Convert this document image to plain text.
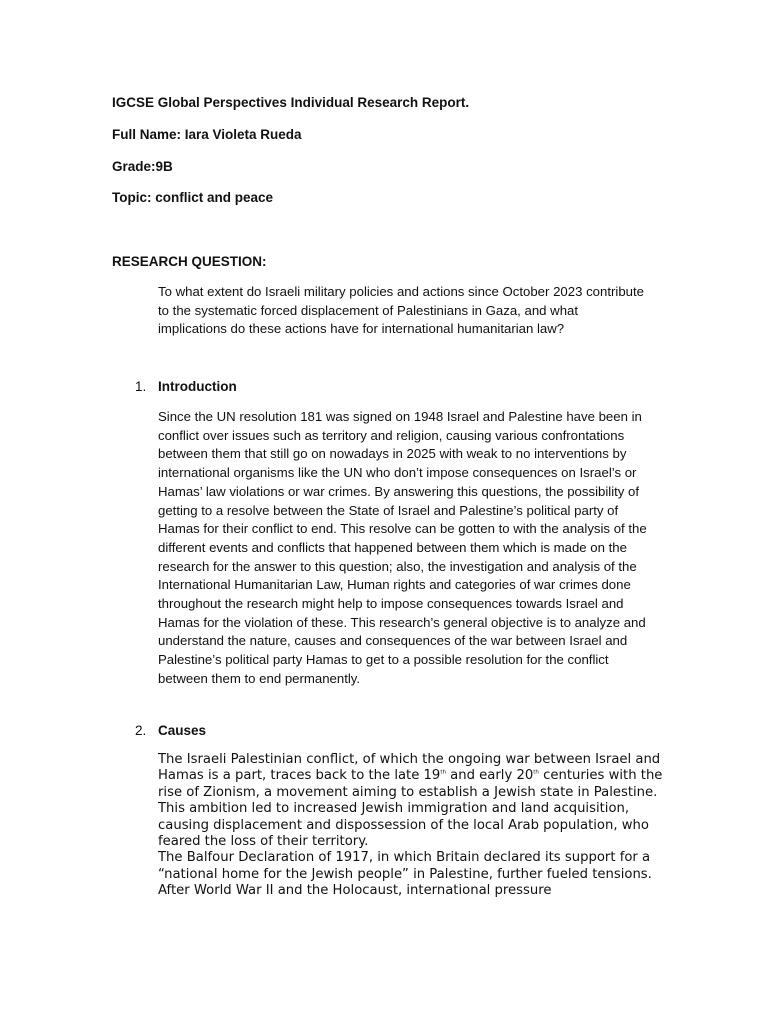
IGCSE Global Perspectives Individual Research Report.

Full Name: Iara Violeta Rueda

Grade:9B

Topic: conflict and peace

RESEARCH QUESTION:

To what extent do Israeli military policies and actions since October 2023 contribute to the systematic forced displacement of Palestinians in Gaza, and what implications do these actions have for international humanitarian law?

1. Introduction

Since the UN resolution 181 was signed on 1948 Israel and Palestine have been in conflict over issues such as territory and religion, causing various confrontations between them that still go on nowadays in 2025 with weak to no interventions by international organisms like the UN who don’t impose consequences on Israel’s or Hamas’ law violations or war crimes. By answering this questions, the possibility of getting to a resolve between the State of Israel and Palestine’s political party of Hamas for their conflict to end. This resolve can be gotten to with the analysis of the different events and conflicts that happened between them which is made on the research for the answer to this question; also, the investigation and analysis of the International Humanitarian Law, Human rights and categories of war crimes done throughout the research might help to impose consequences towards Israel and Hamas for the violation of these. This research’s general objective is to analyze and understand the nature, causes and consequences of the war between Israel and Palestine’s political party Hamas to get to a possible resolution for the conflict between them to end permanently.

2. Causes

The Israeli Palestinian conflict, of which the ongoing war between Israel and Hamas is a part, traces back to the late 19th and early 20th centuries with the rise of Zionism, a movement aiming to establish a Jewish state in Palestine. This ambition led to increased Jewish immigration and land acquisition, causing displacement and dispossession of the local Arab population, who feared the loss of their territory.
The Balfour Declaration of 1917, in which Britain declared its support for a “national home for the Jewish people” in Palestine, further fueled tensions. After World War II and the Holocaust, international pressure
